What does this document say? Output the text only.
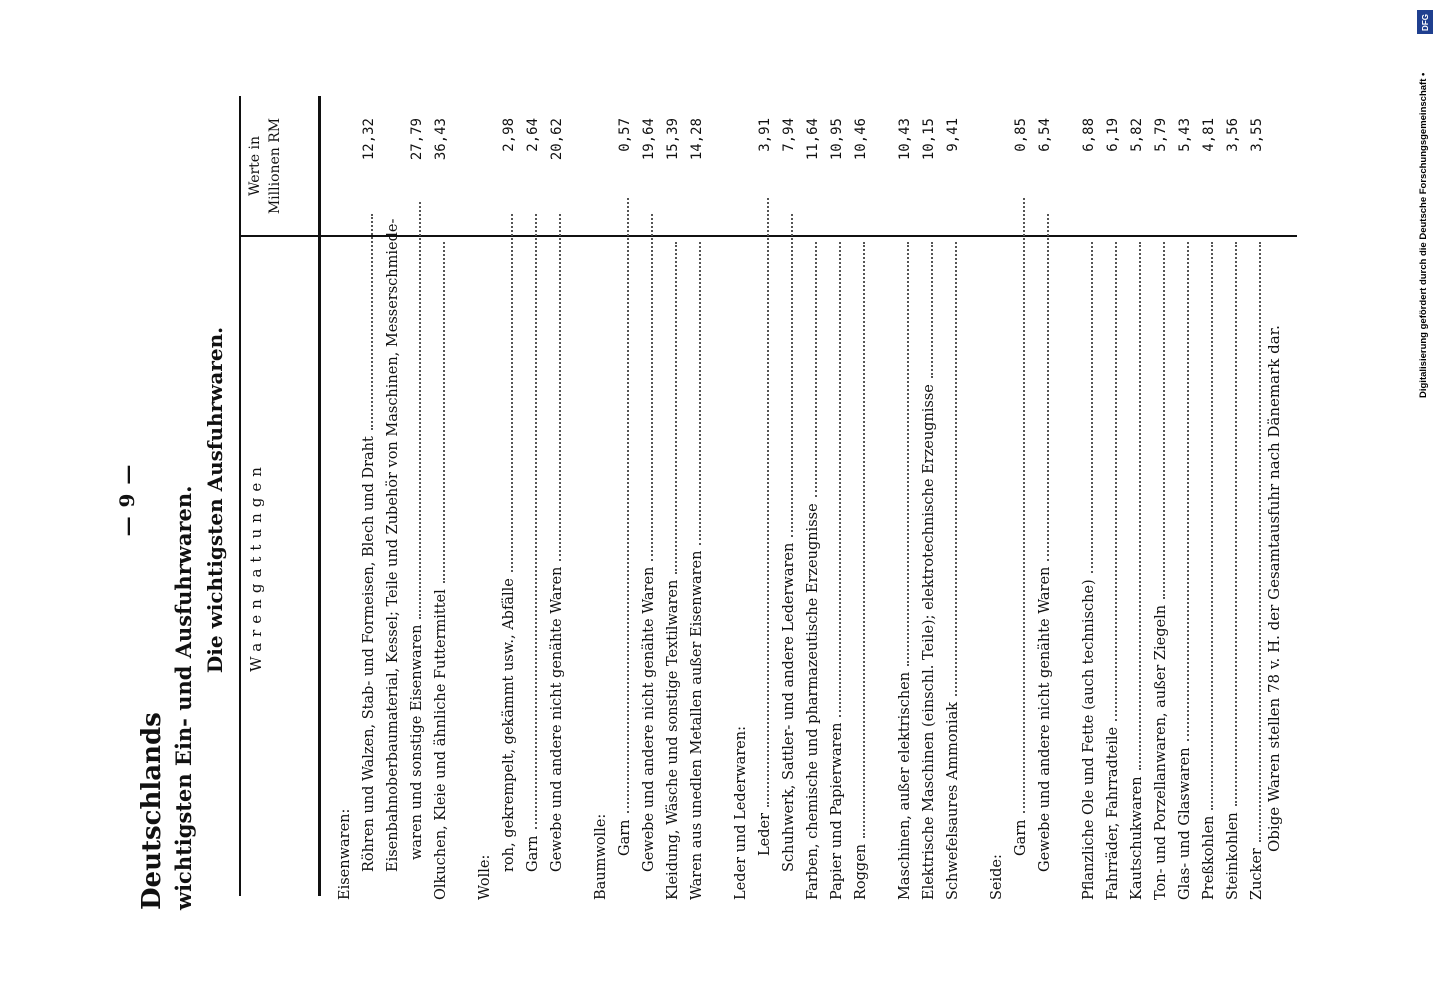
— 9 —
Deutschlands wichtigsten Ein- und Ausfuhrwaren. Die wichtigsten Ausfuhrwaren. Warengattungen
Werte in Millionen RM
Eisenwaren: Röhren und Walzen, Stab- und Formeisen, Blech und Draht
12,32
Eisenbahnoberbaumaterial, Kessel; Teile und Zubehör von Maschinen, Messerschmiede- waren und sonstige Eisenwaren
27,79
Ölkuchen, Kleie und ähnliche Futtermittel
36,43
Wolle:
roh, gekrempelt, gekämmt usw., Abfälle
2,98
Garn
2,64
Gewebe und andere nicht genähte Waren
20,62
Baumwolle: Garn
0,57
Gewebe und andere nicht genähte Waren
19,64
Kleidung, Wäsche und sonstige Textilwaren
15,39
Waren aus unedlen Metallen außer Eisenwaren
14,28
Leder und Lederwaren: Leder
3,91
Schuhwerk, Sattler- und andere Lederwaren
7,94
Farben, chemische und pharmazeutische Erzeugnisse
11,64
Papier und Papierwaren
10,95
Roggen
10,46
Maschinen, außer elektrischen
10,43
Elektrische Maschinen (einschl. Teile); elektrotechnische Erzeugnisse
10,15
Schwefelsaures Ammoniak
9,41
Seide:
Garn
0,85
Gewebe und andere nicht genähte Waren
6,54
Pflanzliche Öle und Fette (auch technische)
6,88
Fahrräder, Fahrradteile
6,19
Kautschukwaren
5,82
Ton- und Porzellanwaren, außer Ziegeln
5,79
Glas- und Glaswaren
5,43
Preßkohlen
4,81
Steinkohlen
3,56
Zucker
3,55
Obige Waren stellen 78 v. H. der Gesamtausfuhr nach Dänemark dar.
Digitalisierung gefördert durch die Deutsche Forschungsgemeinschaft •
DFG
